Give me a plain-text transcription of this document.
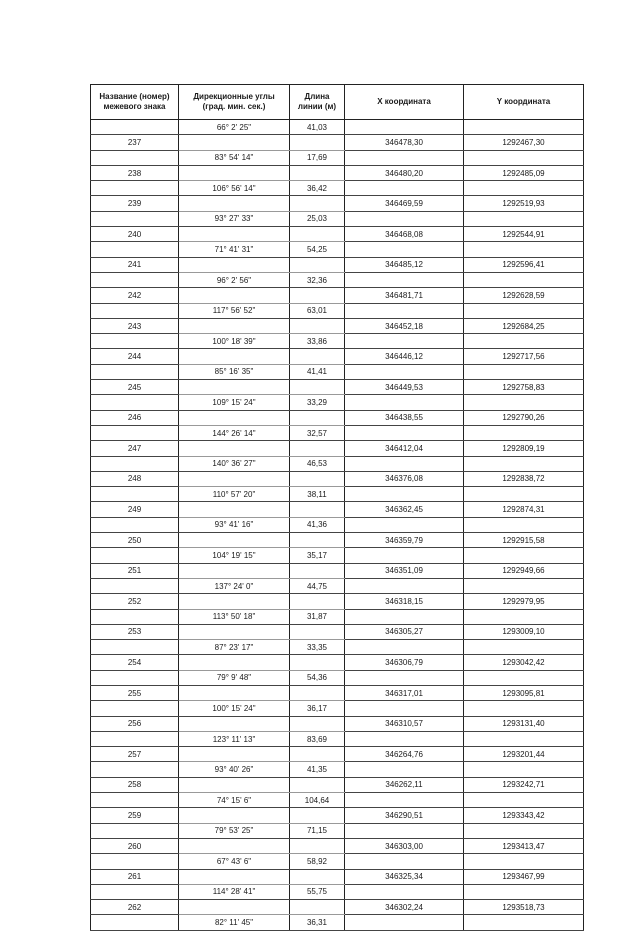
Название (номер) межевого знака	Дирекционные углы (град. мин. сек.)	Длина линии (м)	X координата	Y координата
	66° 2' 25"	41,03		
237			346478,30	1292467,30
	83° 54' 14"	17,69		
238			346480,20	1292485,09
	106° 56' 14"	36,42		
239			346469,59	1292519,93
	93° 27' 33"	25,03		
240			346468,08	1292544,91
	71° 41' 31"	54,25		
241			346485,12	1292596,41
	96° 2' 56"	32,36		
242			346481,71	1292628,59
	117° 56' 52"	63,01		
243			346452,18	1292684,25
	100° 18' 39"	33,86		
244			346446,12	1292717,56
	85° 16' 35"	41,41		
245			346449,53	1292758,83
	109° 15' 24"	33,29		
246			346438,55	1292790,26
	144° 26' 14"	32,57		
247			346412,04	1292809,19
	140° 36' 27"	46,53		
248			346376,08	1292838,72
	110° 57' 20"	38,11		
249			346362,45	1292874,31
	93° 41' 16"	41,36		
250			346359,79	1292915,58
	104° 19' 15"	35,17		
251			346351,09	1292949,66
	137° 24' 0"	44,75		
252			346318,15	1292979,95
	113° 50' 18"	31,87		
253			346305,27	1293009,10
	87° 23' 17"	33,35		
254			346306,79	1293042,42
	79° 9' 48"	54,36		
255			346317,01	1293095,81
	100° 15' 24"	36,17		
256			346310,57	1293131,40
	123° 11' 13"	83,69		
257			346264,76	1293201,44
	93° 40' 26"	41,35		
258			346262,11	1293242,71
	74° 15' 6"	104,64		
259			346290,51	1293343,42
	79° 53' 25"	71,15		
260			346303,00	1293413,47
	67° 43' 6"	58,92		
261			346325,34	1293467,99
	114° 28' 41"	55,75		
262			346302,24	1293518,73
	82° 11' 45"	36,31		
